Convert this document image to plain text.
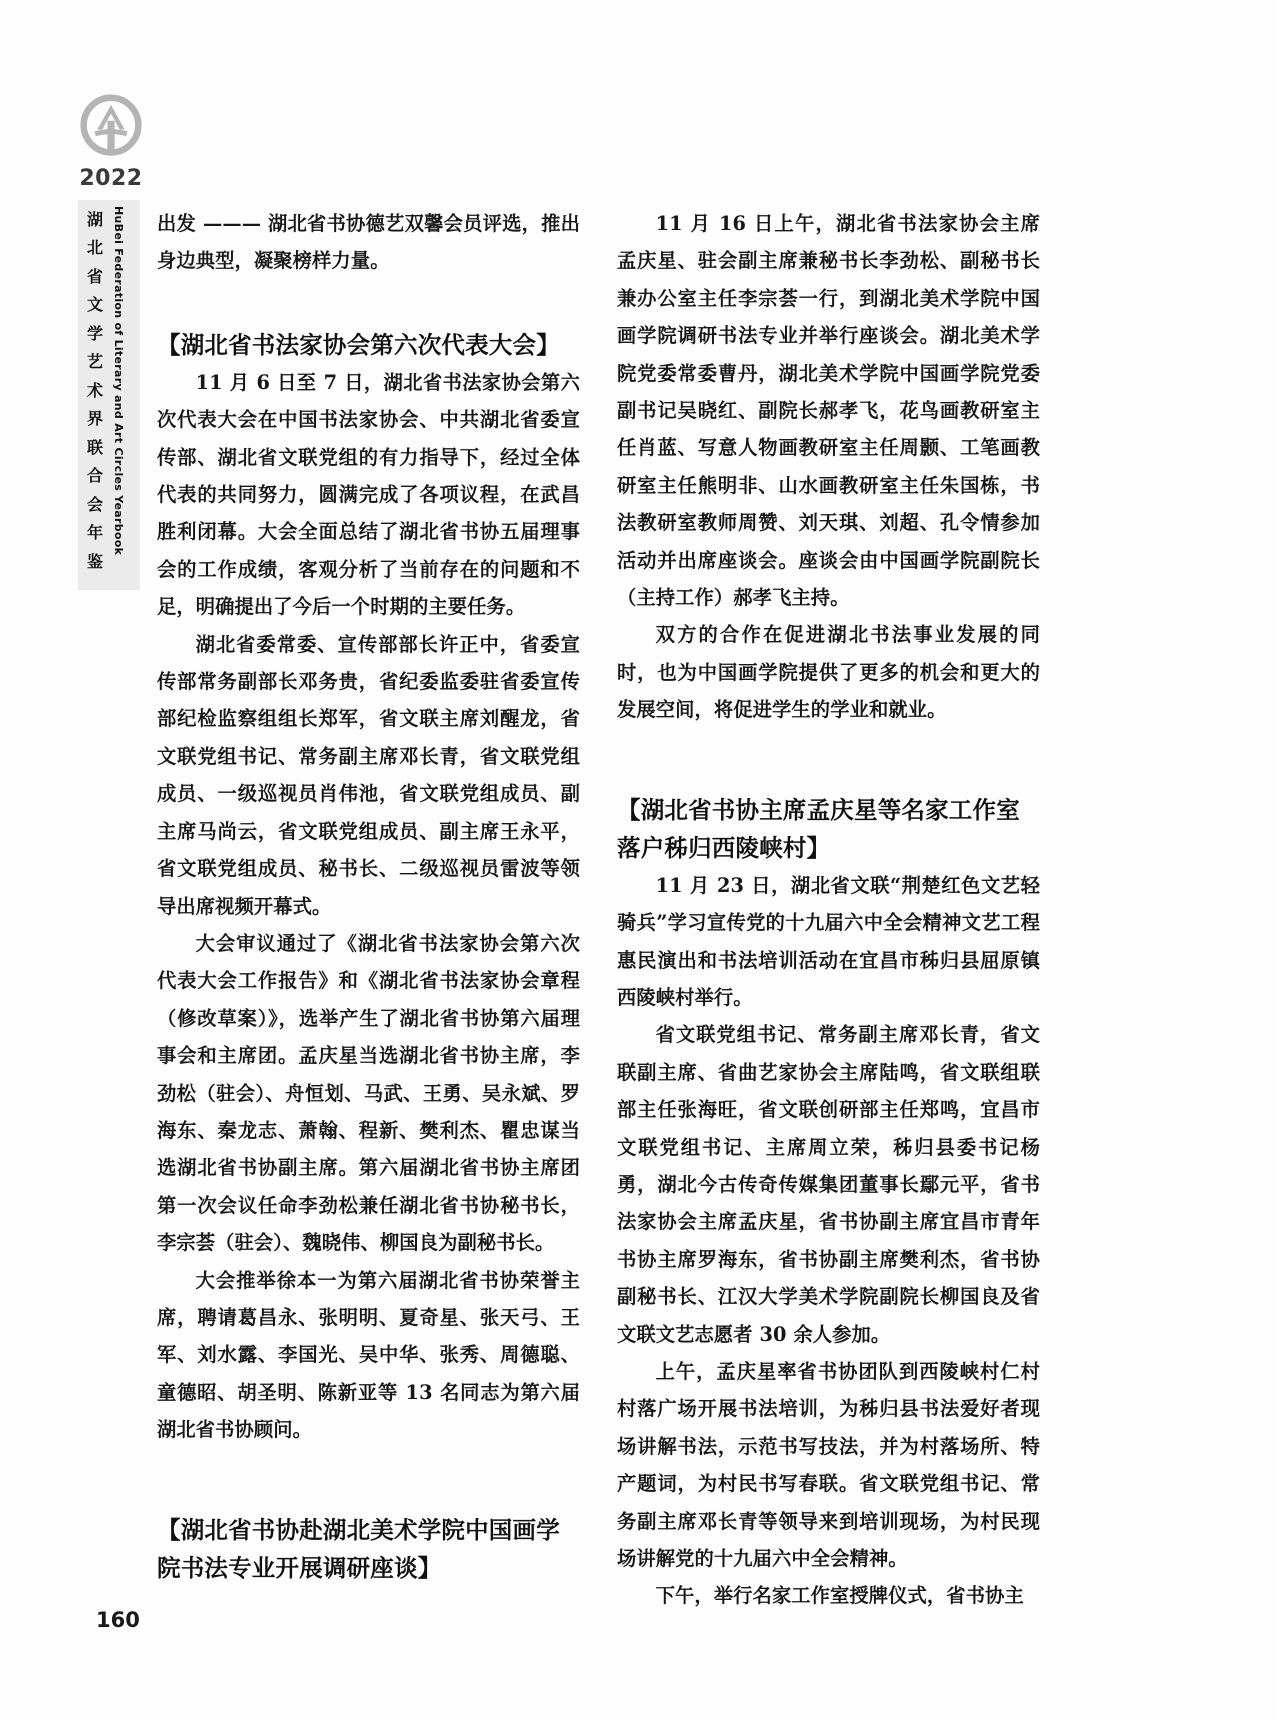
2022
湖北省文学艺术界联合会年鉴
HuBei Federation of Literary and Art Circles Yearbook
160

出发 ——— 湖北省书协德艺双馨会员评选，推出身边典型，凝聚榜样力量。

【湖北省书法家协会第六次代表大会】

11 月 6 日至 7 日，湖北省书法家协会第六次代表大会在中国书法家协会、中共湖北省委宣传部、湖北省文联党组的有力指导下，经过全体代表的共同努力，圆满完成了各项议程，在武昌胜利闭幕。大会全面总结了湖北省书协五届理事会的工作成绩，客观分析了当前存在的问题和不足，明确提出了今后一个时期的主要任务。

湖北省委常委、宣传部部长许正中，省委宣传部常务副部长邓务贵，省纪委监委驻省委宣传部纪检监察组组长郑军，省文联主席刘醒龙，省文联党组书记、常务副主席邓长青，省文联党组成员、一级巡视员肖伟池，省文联党组成员、副主席马尚云，省文联党组成员、副主席王永平，省文联党组成员、秘书长、二级巡视员雷波等领导出席视频开幕式。

大会审议通过了《湖北省书法家协会第六次代表大会工作报告》和《湖北省书法家协会章程（修改草案）》，选举产生了湖北省书协第六届理事会和主席团。孟庆星当选湖北省书协主席，李劲松（驻会）、舟恒划、马武、王勇、吴永斌、罗海东、秦龙志、萧翰、程新、樊利杰、瞿忠谋当选湖北省书协副主席。第六届湖北省书协主席团第一次会议任命李劲松兼任湖北省书协秘书长，李宗荟（驻会）、魏晓伟、柳国良为副秘书长。

大会推举徐本一为第六届湖北省书协荣誉主席，聘请葛昌永、张明明、夏奇星、张天弓、王军、刘水露、李国光、吴中华、张秀、周德聪、童德昭、胡圣明、陈新亚等 13 名同志为第六届湖北省书协顾问。

【湖北省书协赴湖北美术学院中国画学院书法专业开展调研座谈】

11 月 16 日上午，湖北省书法家协会主席孟庆星、驻会副主席兼秘书长李劲松、副秘书长兼办公室主任李宗荟一行，到湖北美术学院中国画学院调研书法专业并举行座谈会。湖北美术学院党委常委曹丹，湖北美术学院中国画学院党委副书记吴晓红、副院长郝孝飞，花鸟画教研室主任肖蓝、写意人物画教研室主任周颢、工笔画教研室主任熊明非、山水画教研室主任朱国栋，书法教研室教师周赞、刘天琪、刘超、孔令情参加活动并出席座谈会。座谈会由中国画学院副院长（主持工作）郝孝飞主持。

双方的合作在促进湖北书法事业发展的同时，也为中国画学院提供了更多的机会和更大的发展空间，将促进学生的学业和就业。

【湖北省书协主席孟庆星等名家工作室落户秭归西陵峡村】

11 月 23 日，湖北省文联“荆楚红色文艺轻骑兵”学习宣传党的十九届六中全会精神文艺工程惠民演出和书法培训活动在宜昌市秭归县屈原镇西陵峡村举行。

省文联党组书记、常务副主席邓长青，省文联副主席、省曲艺家协会主席陆鸣，省文联组联部主任张海旺，省文联创研部主任郑鸣，宜昌市文联党组书记、主席周立荣，秭归县委书记杨勇，湖北今古传奇传媒集团董事长鄢元平，省书法家协会主席孟庆星，省书协副主席宜昌市青年书协主席罗海东，省书协副主席樊利杰，省书协副秘书长、江汉大学美术学院副院长柳国良及省文联文艺志愿者 30 余人参加。

上午，孟庆星率省书协团队到西陵峡村仁村村落广场开展书法培训，为秭归县书法爱好者现场讲解书法，示范书写技法，并为村落场所、特产题词，为村民书写春联。省文联党组书记、常务副主席邓长青等领导来到培训现场，为村民现场讲解党的十九届六中全会精神。

下午，举行名家工作室授牌仪式，省书协主
